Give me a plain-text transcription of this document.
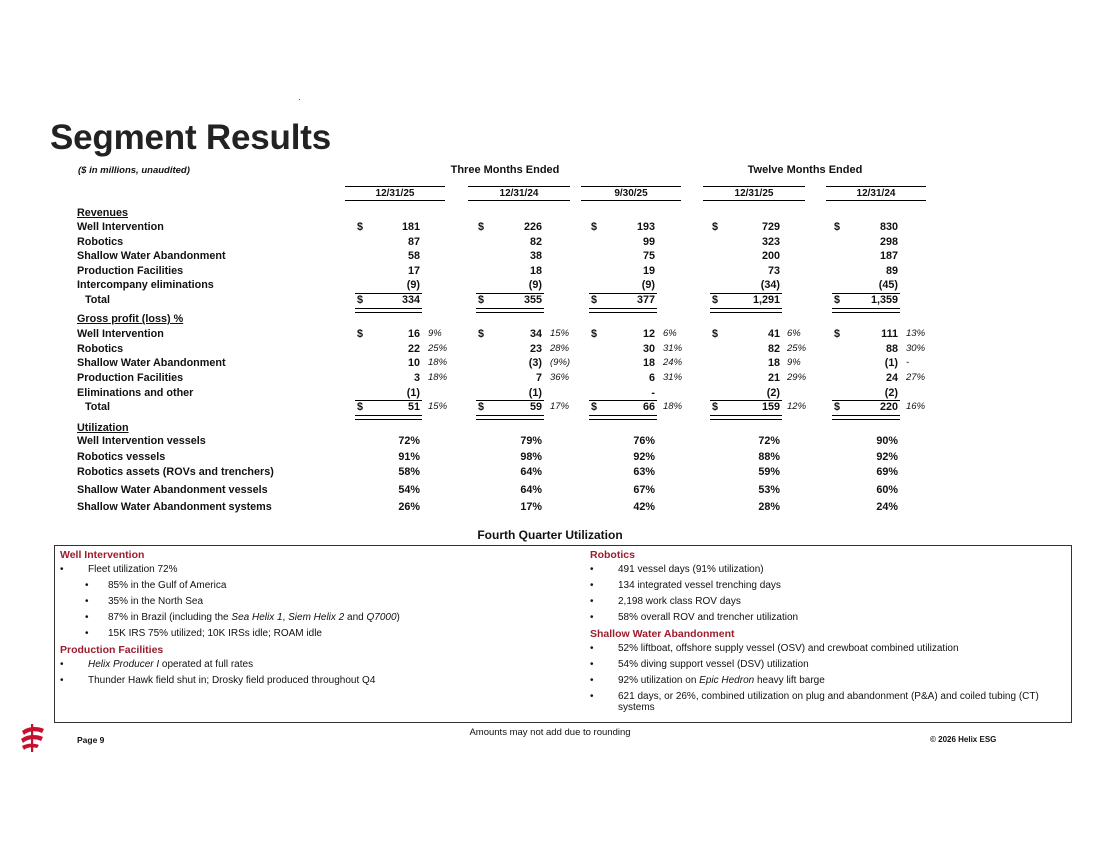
Segment Results
($ in millions, unaudited)	Three Months Ended	Twelve Months Ended
12/31/25	12/31/24	9/30/25	12/31/25	12/31/24
Revenues
Well Intervention	$	181	$	226	$	193	$	729	$	830
Robotics	87	82	99	323	298
Shallow Water Abandonment	58	38	75	200	187
Production Facilities	17	18	19	73	89
Intercompany eliminations	(9)	(9)	(9)	(34)	(45)
Total	$	334	$	355	$	377	$	1,291	$	1,359
Gross profit (loss) %
Well Intervention	$	16 9%	$	34 15% $	12 6%	$	41 6%	$	111 13%
Robotics	22 25%	23 28%	30 31%	82 25%	88 30%
Shallow Water Abandonment	10 18%	(3) (9%)	18 24%	18 9%	(1) -
Production Facilities	3 18%	7 36%	6 31%	21 29%	24 27%
Eliminations and other	(1)	(1)	-	(2)	(2)
Total	$	51 15%	$	59 17% $	66 18%	$	159 12%	$	220 16%
Utilization
Well Intervention vessels	72%	79%	76%	72%	90%
Robotics vessels	91%	98%	92%	88%	92%
Robotics assets (ROVs and trenchers)	58%	64%	63%	59%	69%
Shallow Water Abandonment vessels	54%	64%	67%	53%	60%
Shallow Water Abandonment systems	26%	17%	42%	28%	24%
Fourth Quarter Utilization
Well Intervention
• Fleet utilization 72%
• 85% in the Gulf of America
• 35% in the North Sea
• 87% in Brazil (including the Sea Helix 1, Siem Helix 2 and Q7000)
• 15K IRS 75% utilized; 10K IRSs idle; ROAM idle
Production Facilities
• Helix Producer I operated at full rates
• Thunder Hawk field shut in; Drosky field produced throughout Q4
Robotics
• 491 vessel days (91% utilization)
• 134 integrated vessel trenching days
• 2,198 work class ROV days
• 58% overall ROV and trencher utilization
Shallow Water Abandonment
• 52% liftboat, offshore supply vessel (OSV) and crewboat combined utilization
• 54% diving support vessel (DSV) utilization
• 92% utilization on Epic Hedron heavy lift barge
• 621 days, or 26%, combined utilization on plug and abandonment (P&A) and coiled tubing (CT) systems
Page 9
Amounts may not add due to rounding
© 2026 Helix ESG
